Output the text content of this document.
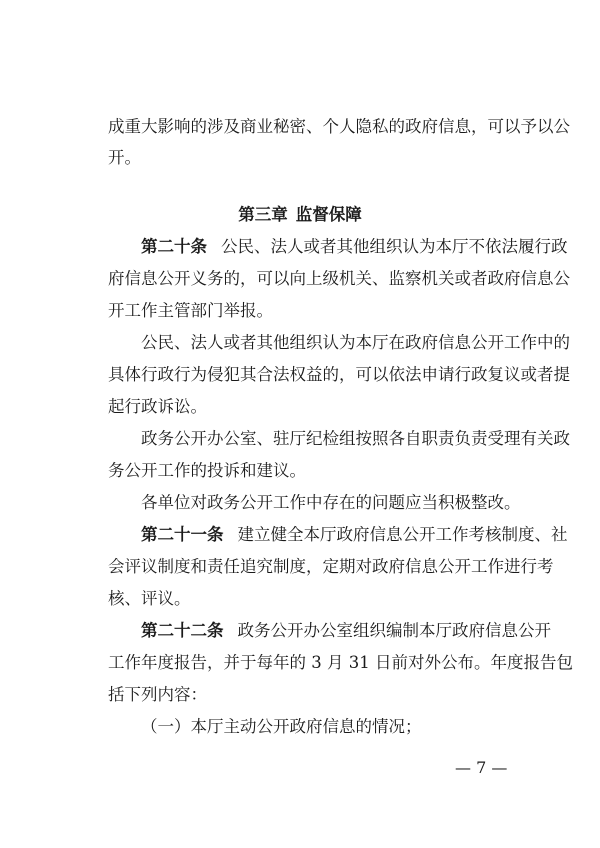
成重大影响的涉及商业秘密、个人隐私的政府信息，可以予以公
开。
第三章 监督保障
第二十条 公民、法人或者其他组织认为本厅不依法履行政
府信息公开义务的，可以向上级机关、监察机关或者政府信息公
开工作主管部门举报。
公民、法人或者其他组织认为本厅在政府信息公开工作中的
具体行政行为侵犯其合法权益的，可以依法申请行政复议或者提
起行政诉讼。
政务公开办公室、驻厅纪检组按照各自职责负责受理有关政
务公开工作的投诉和建议。
各单位对政务公开工作中存在的问题应当积极整改。
第二十一条 建立健全本厅政府信息公开工作考核制度、社
会评议制度和责任追究制度，定期对政府信息公开工作进行考
核、评议。
第二十二条 政务公开办公室组织编制本厅政府信息公开
工作年度报告，并于每年的 3 月 31 日前对外公布。年度报告包
括下列内容：
（一）本厅主动公开政府信息的情况；
— 7 —
